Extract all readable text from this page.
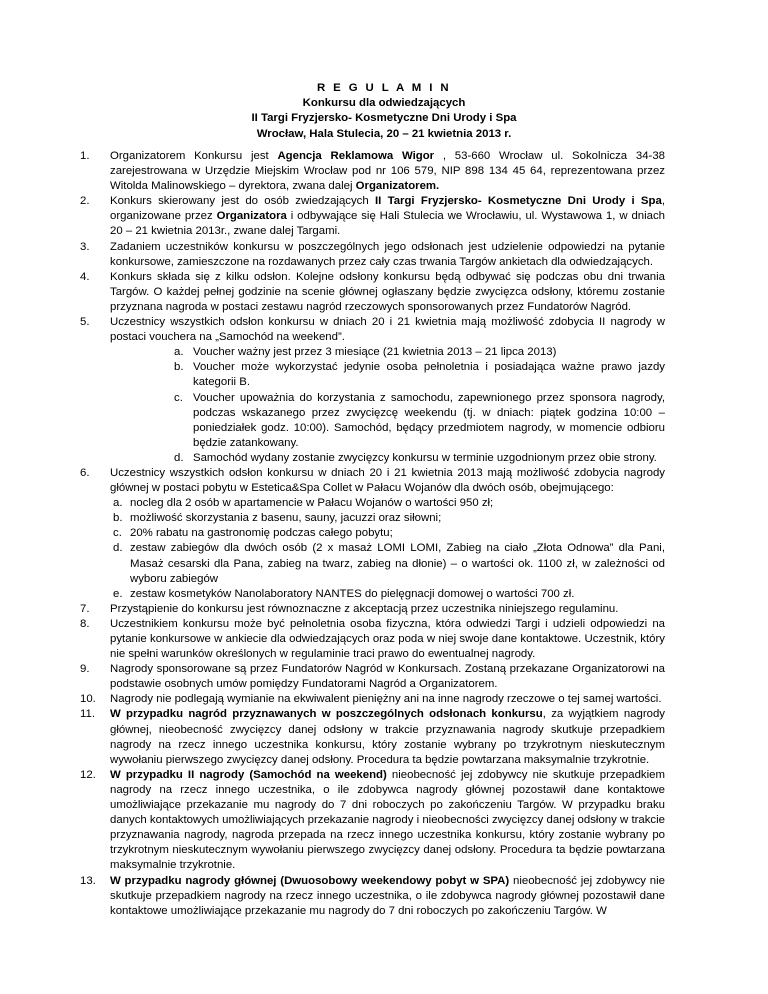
R E G U L A M I N
Konkursu dla odwiedzających
II Targi Fryzjersko- Kosmetyczne Dni Urody i Spa
Wrocław, Hala Stulecia, 20 – 21 kwietnia 2013 r.
1. Organizatorem Konkursu jest Agencja Reklamowa Wigor , 53-660 Wrocław ul. Sokolnicza 34-38 zarejestrowana w Urzędzie Miejskim Wrocław pod nr 106 579, NIP 898 134 45 64, reprezentowana przez Witolda Malinowskiego – dyrektora, zwana dalej Organizatorem.
2. Konkurs skierowany jest do osób zwiedzających II Targi Fryzjersko- Kosmetyczne Dni Urody i Spa, organizowane przez Organizatora i odbywające się Hali Stulecia we Wrocławiu, ul. Wystawowa 1, w dniach 20 – 21 kwietnia 2013r., zwane dalej Targami.
3. Zadaniem uczestników konkursu w poszczególnych jego odsłonach jest udzielenie odpowiedzi na pytanie konkursowe, zamieszczone na rozdawanych przez cały czas trwania Targów ankietach dla odwiedzających.
4. Konkurs składa się z kilku odsłon. Kolejne odsłony konkursu będą odbywać się podczas obu dni trwania Targów. O każdej pełnej godzinie na scenie głównej ogłaszany będzie zwycięzca odsłony, któremu zostanie przyznana nagroda w postaci zestawu nagród rzeczowych sponsorowanych przez Fundatorów Nagród.
5. Uczestnicy wszystkich odsłon konkursu w dniach 20 i 21 kwietnia mają możliwość zdobycia II nagrody w postaci vouchera na „Samochód na weekend”.
a. Voucher ważny jest przez 3 miesiące (21 kwietnia 2013 – 21 lipca 2013)
b. Voucher może wykorzystać jedynie osoba pełnoletnia i posiadająca ważne prawo jazdy kategorii B.
c. Voucher upoważnia do korzystania z samochodu, zapewnionego przez sponsora nagrody, podczas wskazanego przez zwycięzcę weekendu (tj. w dniach: piątek godzina 10:00 – poniedziałek godz. 10:00). Samochód, będący przedmiotem nagrody, w momencie odbioru będzie zatankowany.
d. Samochód wydany zostanie zwycięzcy konkursu w terminie uzgodnionym przez obie strony.
6. Uczestnicy wszystkich odsłon konkursu w dniach 20 i 21 kwietnia 2013 mają możliwość zdobycia nagrody głównej w postaci pobytu w Estetica&Spa Collet w Pałacu Wojanów dla dwóch osób, obejmującego:
a. nocleg dla 2 osób w apartamencie w Pałacu Wojanów o wartości 950 zł;
b. możliwość skorzystania z basenu, sauny, jacuzzi oraz siłowni;
c. 20% rabatu na gastronomię podczas całego pobytu;
d. zestaw zabiegów dla dwóch osób (2 x masaż LOMI LOMI, Zabieg na ciało „Złota Odnowa” dla Pani, Masaż cesarski dla Pana, zabieg na twarz, zabieg na dłonie) – o wartości ok. 1100 zł, w zależności od wyboru zabiegów
e. zestaw kosmetyków Nanolaboratory NANTES do pielęgnacji domowej o wartości 700 zł.
7. Przystąpienie do konkursu jest równoznaczne z akceptacją przez uczestnika niniejszego regulaminu.
8. Uczestnikiem konkursu może być pełnoletnia osoba fizyczna, która odwiedzi Targi i udzieli odpowiedzi na pytanie konkursowe w ankiecie dla odwiedzających oraz poda w niej swoje dane kontaktowe. Uczestnik, który nie spełni warunków określonych w regulaminie traci prawo do ewentualnej nagrody.
9. Nagrody sponsorowane są przez Fundatorów Nagród w Konkursach. Zostaną przekazane Organizatorowi na podstawie osobnych umów pomiędzy Fundatorami Nagród a Organizatorem.
10. Nagrody nie podlegają wymianie na ekwiwalent pieniężny ani na inne nagrody rzeczowe o tej samej wartości.
11. W przypadku nagród przyznawanych w poszczególnych odsłonach konkursu, za wyjątkiem nagrody głównej, nieobecność zwycięzcy danej odsłony w trakcie przyznawania nagrody skutkuje przepadkiem nagrody na rzecz innego uczestnika konkursu, który zostanie wybrany po trzykrotnym nieskutecznym wywołaniu pierwszego zwycięzcy danej odsłony. Procedura ta będzie powtarzana maksymalnie trzykrotnie.
12. W przypadku II nagrody (Samochód na weekend) nieobecność jej zdobywcy nie skutkuje przepadkiem nagrody na rzecz innego uczestnika, o ile zdobywca nagrody głównej pozostawił dane kontaktowe umożliwiające przekazanie mu nagrody do 7 dni roboczych po zakończeniu Targów. W przypadku braku danych kontaktowych umożliwiających przekazanie nagrody i nieobecności zwycięzcy danej odsłony w trakcie przyznawania nagrody, nagroda przepada na rzecz innego uczestnika konkursu, który zostanie wybrany po trzykrotnym nieskutecznym wywołaniu pierwszego zwycięzcy danej odsłony. Procedura ta będzie powtarzana maksymalnie trzykrotnie.
13. W przypadku nagrody głównej (Dwuosobowy weekendowy pobyt w SPA) nieobecność jej zdobywcy nie skutkuje przepadkiem nagrody na rzecz innego uczestnika, o ile zdobywca nagrody głównej pozostawił dane kontaktowe umożliwiające przekazanie mu nagrody do 7 dni roboczych po zakończeniu Targów. W
